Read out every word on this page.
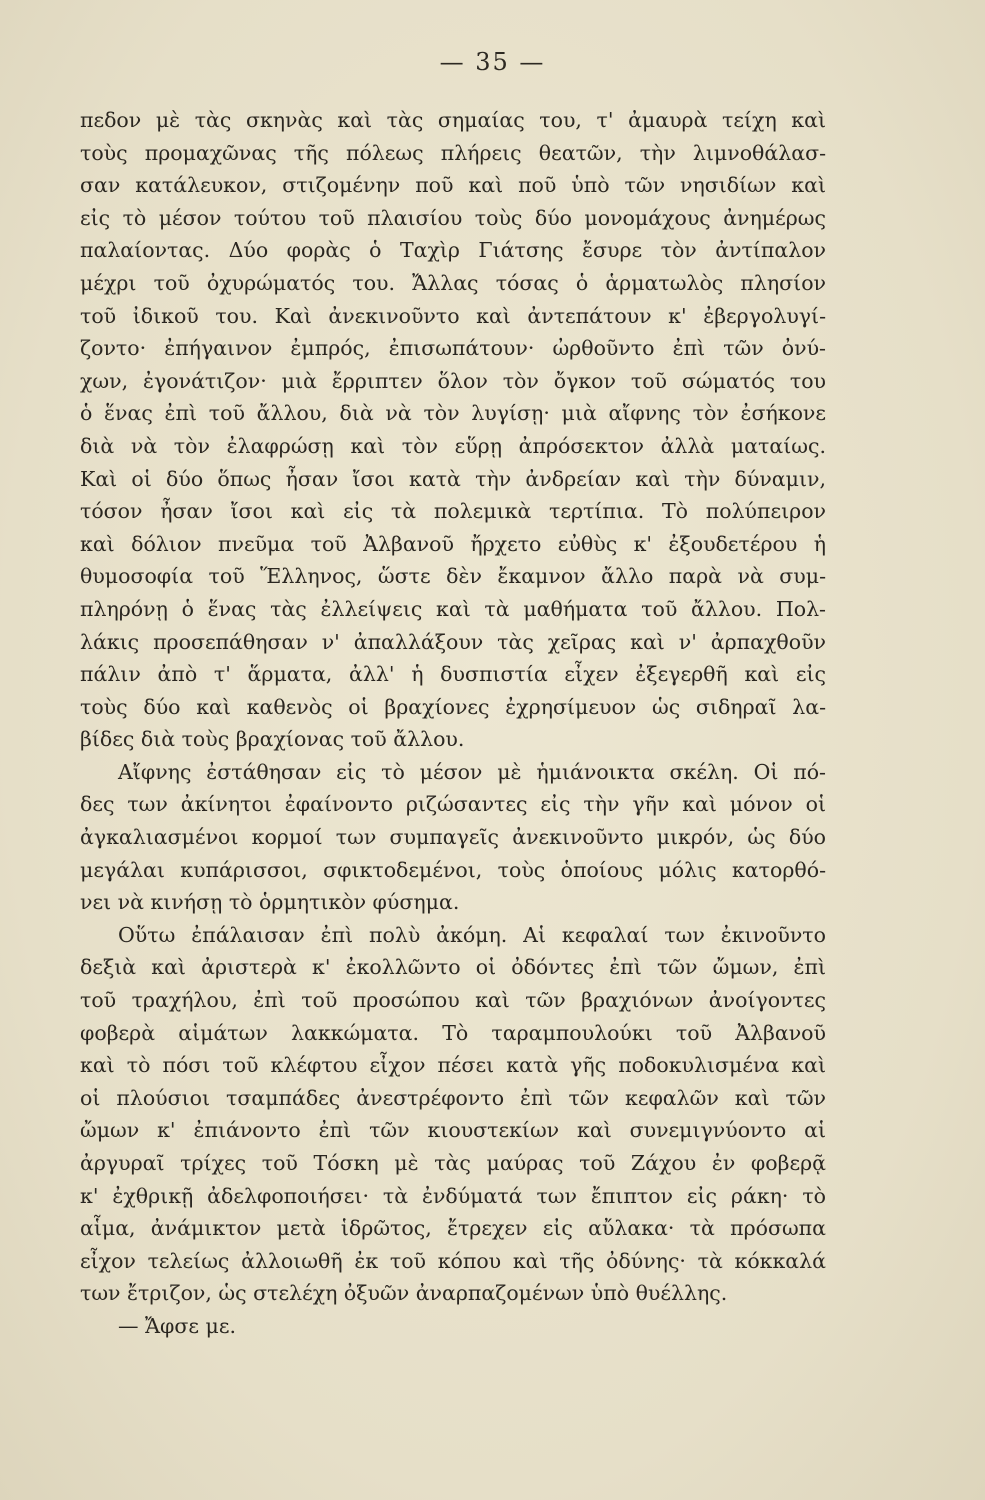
— 35 —
πεδον μὲ τὰς σκηνὰς καὶ τὰς σημαίας του, τ' ἀμαυρὰ τείχη καὶ
τοὺς προμαχῶνας τῆς πόλεως πλήρεις θεατῶν, τὴν λιμνοθάλασ-
σαν κατάλευκον, στιζομένην ποῦ καὶ ποῦ ὑπὸ τῶν νησιδίων καὶ
εἰς τὸ μέσον τούτου τοῦ πλαισίου τοὺς δύο μονομάχους ἀνημέρως
παλαίοντας. Δύο φορὰς ὁ Ταχὶρ Γιάτσης ἔσυρε τὸν ἀντίπαλον
μέχρι τοῦ ὀχυρώματός του. Ἄλλας τόσας ὁ ἁρματωλὸς πλησίον
τοῦ ἰδικοῦ του. Καὶ ἀνεκινοῦντο καὶ ἀντεπάτουν κ' ἐβεργολυγί-
ζοντο· ἐπήγαινον ἐμπρός, ἐπισωπάτουν· ὠρθοῦντο ἐπὶ τῶν ὀνύ-
χων, ἐγονάτιζον· μιὰ ἔρριπτεν ὅλον τὸν ὄγκον τοῦ σώματός του
ὁ ἕνας ἐπὶ τοῦ ἄλλου, διὰ νὰ τὸν λυγίσῃ· μιὰ αἴφνης τὸν ἐσήκονε
διὰ νὰ τὸν ἐλαφρώσῃ καὶ τὸν εὕρῃ ἀπρόσεκτον ἀλλὰ ματαίως.
Καὶ οἱ δύο ὅπως ἦσαν ἴσοι κατὰ τὴν ἀνδρείαν καὶ τὴν δύναμιν,
τόσον ἦσαν ἴσοι καὶ εἰς τὰ πολεμικὰ τερτίπια. Τὸ πολύπειρον
καὶ δόλιον πνεῦμα τοῦ Ἀλβανοῦ ἤρχετο εὐθὺς κ' ἐξουδετέρου ἡ
θυμοσοφία τοῦ Ἕλληνος, ὥστε δὲν ἔκαμνον ἄλλο παρὰ νὰ συμ-
πληρόνῃ ὁ ἕνας τὰς ἐλλείψεις καὶ τὰ μαθήματα τοῦ ἄλλου. Πολ-
λάκις προσεπάθησαν ν' ἀπαλλάξουν τὰς χεῖρας καὶ ν' ἀρπαχθοῦν
πάλιν ἀπὸ τ' ἅρματα, ἀλλ' ἡ δυσπιστία εἶχεν ἐξεγερθῆ καὶ εἰς
τοὺς δύο καὶ καθενὸς οἱ βραχίονες ἐχρησίμευον ὡς σιδηραῖ λα-
βίδες διὰ τοὺς βραχίονας τοῦ ἄλλου.
Αἴφνης ἐστάθησαν εἰς τὸ μέσον μὲ ἡμιάνοικτα σκέλη. Οἱ πό-
δες των ἀκίνητοι ἐφαίνοντο ριζώσαντες εἰς τὴν γῆν καὶ μόνον οἱ
ἀγκαλιασμένοι κορμοί των συμπαγεῖς ἀνεκινοῦντο μικρόν, ὡς δύο
μεγάλαι κυπάρισσοι, σφικτοδεμένοι, τοὺς ὁποίους μόλις κατορθό-
νει νὰ κινήσῃ τὸ ὁρμητικὸν φύσημα.
Οὕτω ἐπάλαισαν ἐπὶ πολὺ ἀκόμη. Αἱ κεφαλαί των ἐκινοῦντο
δεξιὰ καὶ ἀριστερὰ κ' ἐκολλῶντο οἱ ὀδόντες ἐπὶ τῶν ὤμων, ἐπὶ
τοῦ τραχήλου, ἐπὶ τοῦ προσώπου καὶ τῶν βραχιόνων ἀνοίγοντες
φοβερὰ αἱμάτων λακκώματα. Τὸ ταραμπουλούκι τοῦ Ἀλβανοῦ
καὶ τὸ πόσι τοῦ κλέφτου εἶχον πέσει κατὰ γῆς ποδοκυλισμένα καὶ
οἱ πλούσιοι τσαμπάδες ἀνεστρέφοντο ἐπὶ τῶν κεφαλῶν καὶ τῶν
ὤμων κ' ἐπιάνοντο ἐπὶ τῶν κιουστεκίων καὶ συνεμιγνύοντο αἱ
ἀργυραῖ τρίχες τοῦ Τόσκη μὲ τὰς μαύρας τοῦ Ζάχου ἐν φοβερᾷ
κ' ἐχθρικῇ ἀδελφοποιήσει· τὰ ἐνδύματά των ἔπιπτον εἰς ράκη· τὸ
αἷμα, ἀνάμικτον μετὰ ἱδρῶτος, ἔτρεχεν εἰς αὔλακα· τὰ πρόσωπα
εἶχον τελείως ἀλλοιωθῆ ἐκ τοῦ κόπου καὶ τῆς ὀδύνης· τὰ κόκκαλά
των ἔτριζον, ὡς στελέχη ὀξυῶν ἀναρπαζομένων ὑπὸ θυέλλης.
— Ἄφσε με.
